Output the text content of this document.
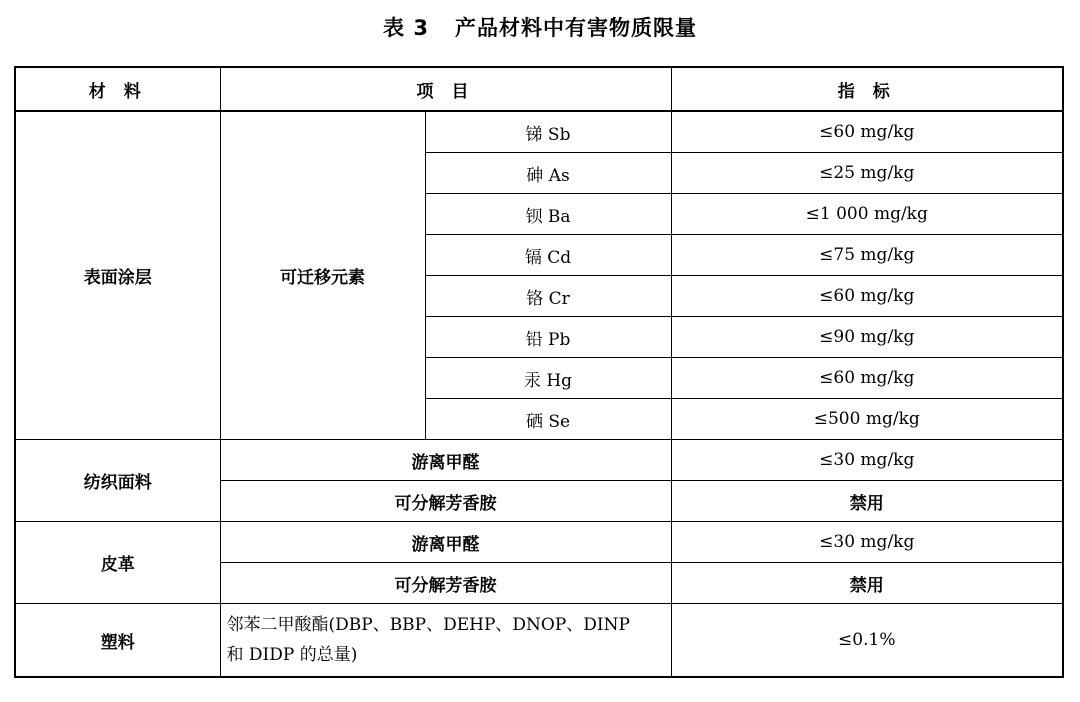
表 3 产品材料中有害物质限量
材 料	项 目		指 标
表面涂层	可迁移元素	锑 Sb	≤60 mg/kg
		砷 As	≤25 mg/kg
		钡 Ba	≤1 000 mg/kg
		镉 Cd	≤75 mg/kg
		铬 Cr	≤60 mg/kg
		铅 Pb	≤90 mg/kg
		汞 Hg	≤60 mg/kg
		硒 Se	≤500 mg/kg
纺织面料	游离甲醛		≤30 mg/kg
	可分解芳香胺		禁用
皮革	游离甲醛		≤30 mg/kg
	可分解芳香胺		禁用
塑料	邻苯二甲酸酯(DBP、BBP、DEHP、DNOP、DINP
和 DIDP 的总量)		≤0.1%
